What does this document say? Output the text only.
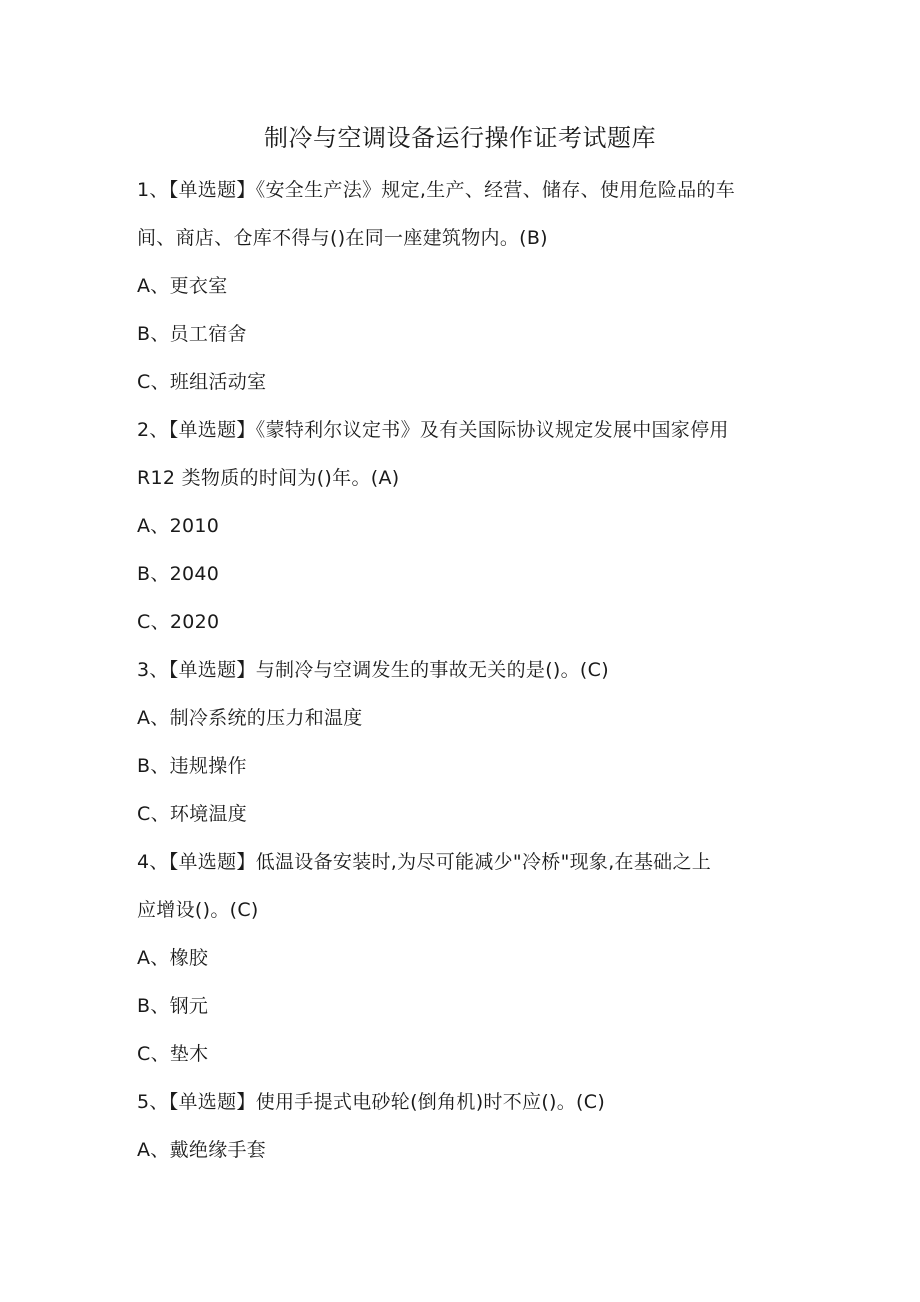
制冷与空调设备运行操作证考试题库
1、【单选题】《安全生产法》规定,生产、经营、储存、使用危险品的车
间、商店、仓库不得与()在同一座建筑物内。(B)
A、更衣室
B、员工宿舍
C、班组活动室
2、【单选题】《蒙特利尔议定书》及有关国际协议规定发展中国家停用
R12 类物质的时间为()年。(A)
A、2010
B、2040
C、2020
3、【单选题】与制冷与空调发生的事故无关的是()。(C)
A、制冷系统的压力和温度
B、违规操作
C、环境温度
4、【单选题】低温设备安装时,为尽可能减少"冷桥"现象,在基础之上
应增设()。(C)
A、橡胶
B、钢元
C、垫木
5、【单选题】使用手提式电砂轮(倒角机)时不应()。(C)
A、戴绝缘手套
